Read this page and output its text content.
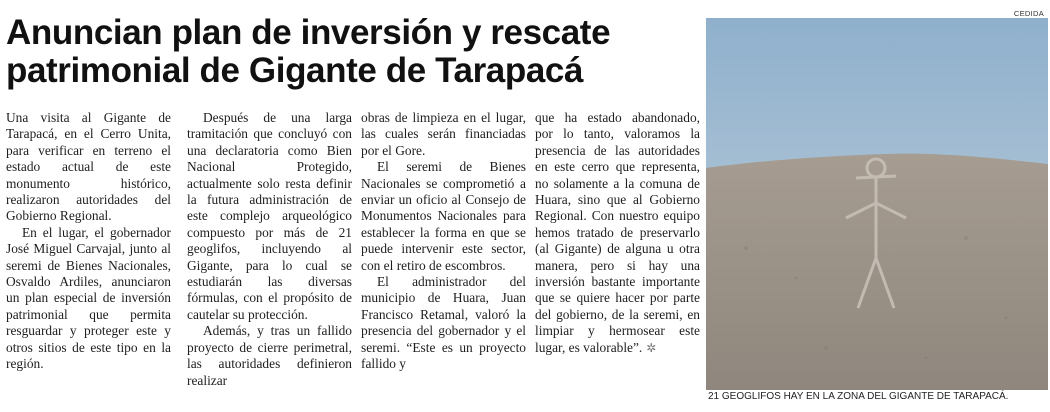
Anuncian plan de inversión y rescate
patrimonial de Gigante de Tarapacá

Una visita al Gigante de Tarapacá, en el Cerro Unita, para verificar en terreno el estado actual de este monumento histórico, realizaron autoridades del Gobierno Regional.

En el lugar, el gobernador José Miguel Carvajal, junto al seremi de Bienes Nacionales, Osvaldo Ardiles, anunciaron un plan especial de inversión patrimonial que permita resguardar y proteger este y otros sitios de este tipo en la región.

Después de una larga tramitación que concluyó con una declaratoria como Bien Nacional Protegido, actualmente solo resta definir la futura administración de este complejo arqueológico compuesto por más de 21 geoglifos, incluyendo al Gigante, para lo cual se estudiarán las diversas fórmulas, con el propósito de cautelar su protección.

Además, y tras un fallido proyecto de cierre perimetral, las autoridades definieron realizar

obras de limpieza en el lugar, las cuales serán financiadas por el Gore.

El seremi de Bienes Nacionales se comprometió a enviar un oficio al Consejo de Monumentos Nacionales para establecer la forma en que se puede intervenir este sector, con el retiro de escombros.

El administrador del municipio de Huara, Juan Francisco Retamal, valoró la presencia del gobernador y el seremi. “Este es un proyecto fallido y

que ha estado abandonado, por lo tanto, valoramos la presencia de las autoridades en este cerro que representa, no solamente a la comuna de Huara, sino que al Gobierno Regional. Con nuestro equipo hemos tratado de preservarlo (al Gigante) de alguna u otra manera, pero si hay una inversión bastante importante que se quiere hacer por parte del gobierno, de la seremi, en limpiar y hermosear este lugar, es valorable”. ✲

CEDIDA
21 GEOGLIFOS HAY EN LA ZONA DEL GIGANTE DE TARAPACÁ.
